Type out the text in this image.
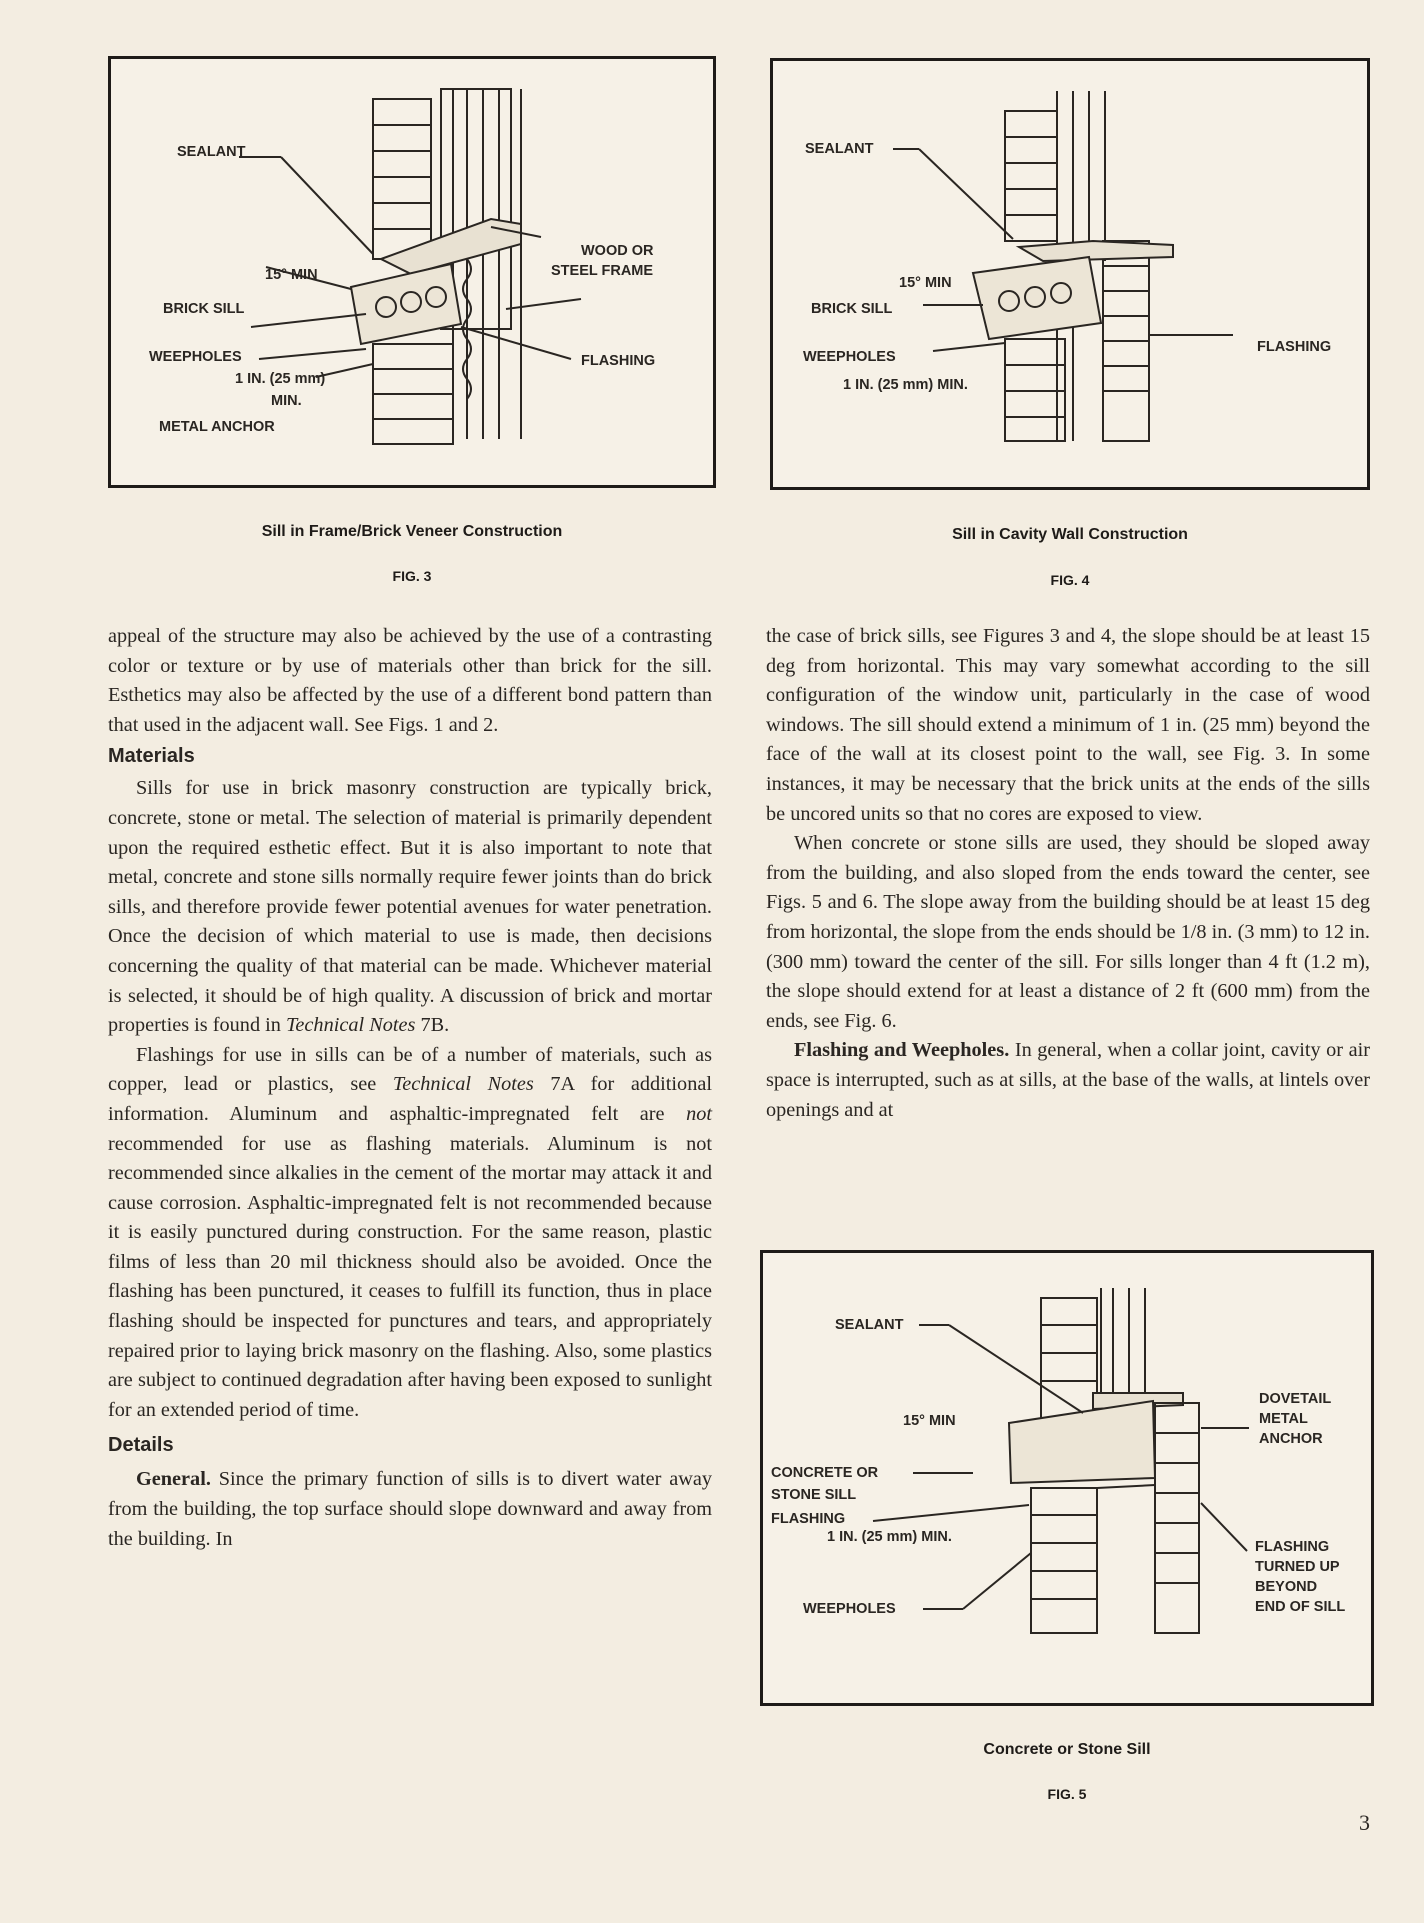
SEALANT
15° MIN
BRICK SILL
WEEPHOLES
1 IN. (25 mm)
MIN.
METAL ANCHOR
WOOD OR
STEEL FRAME
FLASHING
Sill in Frame/Brick Veneer Construction
FIG. 3
SEALANT
15° MIN
BRICK SILL
WEEPHOLES
1 IN. (25 mm) MIN.
FLASHING
Sill in Cavity Wall Construction
FIG. 4

appeal of the structure may also be achieved by the use of a contrasting color or texture or by use of materials other than brick for the sill. Esthetics may also be affected by the use of a different bond pattern than that used in the adjacent wall. See Figs. 1 and 2.

Materials

Sills for use in brick masonry construction are typically brick, concrete, stone or metal. The selection of material is primarily dependent upon the required esthetic effect. But it is also important to note that metal, concrete and stone sills normally require fewer joints than do brick sills, and therefore provide fewer potential avenues for water penetration. Once the decision of which material to use is made, then decisions concerning the quality of that material can be made. Whichever material is selected, it should be of high quality. A discussion of brick and mortar properties is found in Technical Notes 7B.

Flashings for use in sills can be of a number of materials, such as copper, lead or plastics, see Technical Notes 7A for additional information. Aluminum and asphaltic-impregnated felt are not recommended for use as flashing materials. Aluminum is not recommended since alkalies in the cement of the mortar may attack it and cause corrosion. Asphaltic-impregnated felt is not recommended because it is easily punctured during construction. For the same reason, plastic films of less than 20 mil thickness should also be avoided. Once the flashing has been punctured, it ceases to fulfill its function, thus in place flashing should be inspected for punctures and tears, and appropriately repaired prior to laying brick masonry on the flashing. Also, some plastics are subject to continued degradation after having been exposed to sunlight for an extended period of time.

Details

General. Since the primary function of sills is to divert water away from the building, the top surface should slope downward and away from the building. In

the case of brick sills, see Figures 3 and 4, the slope should be at least 15 deg from horizontal. This may vary somewhat according to the sill configuration of the window unit, particularly in the case of wood windows. The sill should extend a minimum of 1 in. (25 mm) beyond the face of the wall at its closest point to the wall, see Fig. 3. In some instances, it may be necessary that the brick units at the ends of the sills be uncored units so that no cores are exposed to view.

When concrete or stone sills are used, they should be sloped away from the building, and also sloped from the ends toward the center, see Figs. 5 and 6. The slope away from the building should be at least 15 deg from horizontal, the slope from the ends should be 1/8 in. (3 mm) to 12 in. (300 mm) toward the center of the sill. For sills longer than 4 ft (1.2 m), the slope should extend for at least a distance of 2 ft (600 mm) from the ends, see Fig. 6.

Flashing and Weepholes. In general, when a collar joint, cavity or air space is interrupted, such as at sills, at the base of the walls, at lintels over openings and at

SEALANT
15° MIN
CONCRETE OR
STONE SILL
FLASHING
1 IN. (25 mm) MIN.
WEEPHOLES
DOVETAIL
METAL
ANCHOR
FLASHING
TURNED UP
BEYOND
END OF SILL
Concrete or Stone Sill
FIG. 5
3
